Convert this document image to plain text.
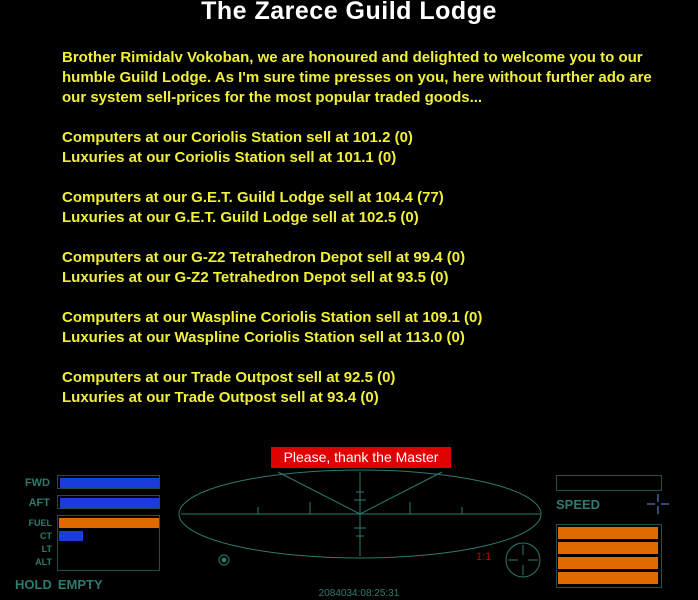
The Zarece Guild Lodge
Brother Rimidalv Vokoban, we are honoured and delighted to welcome you to our
humble Guild Lodge. As I'm sure time presses on you, here without further ado are
our system sell-prices for the most popular traded goods...
Computers at our Coriolis Station sell at 101.2 (0)
Luxuries at our Coriolis Station sell at 101.1 (0)
Computers at our G.E.T. Guild Lodge sell at 104.4 (77)
Luxuries at our G.E.T. Guild Lodge sell at 102.5 (0)
Computers at our G-Z2 Tetrahedron Depot sell at 99.4 (0)
Luxuries at our G-Z2 Tetrahedron Depot sell at 93.5 (0)
Computers at our Waspline Coriolis Station sell at 109.1 (0)
Luxuries at our Waspline Coriolis Station sell at 113.0 (0)
Computers at our Trade Outpost sell at 92.5 (0)
Luxuries at our Trade Outpost sell at 93.4 (0)
Please, thank the Master
FWD
AFT
FUEL
CT
LT
ALT
HOLD EMPTY
1:1
SPEED
2084034:08:25:31
